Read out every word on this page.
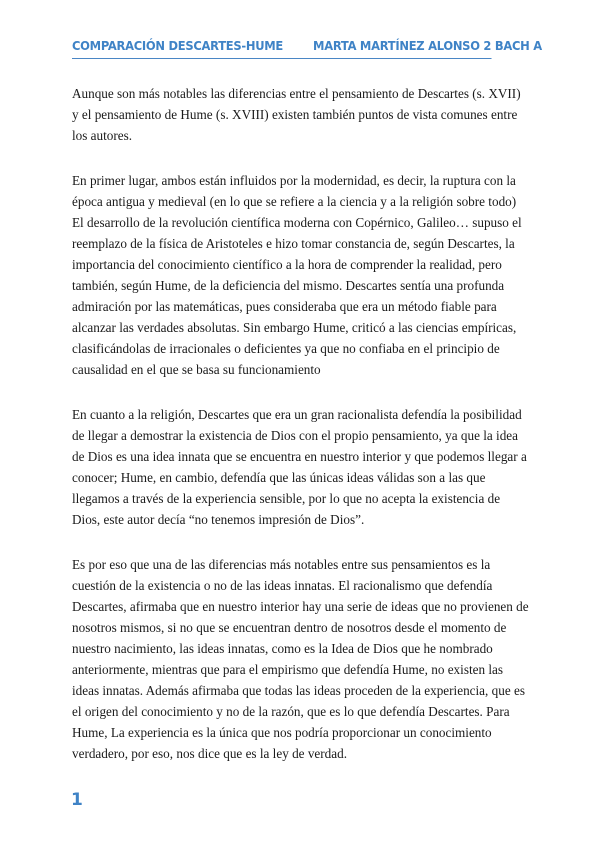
COMPARACIÓN DESCARTES-HUME MARTA MARTÍNEZ ALONSO 2 BACH A

Aunque son más notables las diferencias entre el pensamiento de Descartes (s. XVII) y el pensamiento de Hume (s. XVIII) existen también puntos de vista comunes entre los autores.

En primer lugar, ambos están influidos por la modernidad, es decir, la ruptura con la época antigua y medieval (en lo que se refiere a la ciencia y a la religión sobre todo) El desarrollo de la revolución científica moderna con Copérnico, Galileo… supuso el reemplazo de la física de Aristoteles e hizo tomar constancia de, según Descartes, la importancia del conocimiento científico a la hora de comprender la realidad, pero también, según Hume, de la deficiencia del mismo. Descartes sentía una profunda admiración por las matemáticas, pues consideraba que era un método fiable para alcanzar las verdades absolutas. Sin embargo Hume, criticó a las ciencias empíricas, clasificándolas de irracionales o deficientes ya que no confiaba en el principio de causalidad en el que se basa su funcionamiento

En cuanto a la religión, Descartes que era un gran racionalista defendía la posibilidad de llegar a demostrar la existencia de Dios con el propio pensamiento, ya que la idea de Dios es una idea innata que se encuentra en nuestro interior y que podemos llegar a conocer; Hume, en cambio, defendía que las únicas ideas válidas son a las que llegamos a través de la experiencia sensible, por lo que no acepta la existencia de Dios, este autor decía “no tenemos impresión de Dios”.

Es por eso que una de las diferencias más notables entre sus pensamientos es la cuestión de la existencia o no de las ideas innatas. El racionalismo que defendía Descartes, afirmaba que en nuestro interior hay una serie de ideas que no provienen de nosotros mismos, si no que se encuentran dentro de nosotros desde el momento de nuestro nacimiento, las ideas innatas, como es la Idea de Dios que he nombrado anteriormente, mientras que para el empirismo que defendía Hume, no existen las ideas innatas. Además afirmaba que todas las ideas proceden de la experiencia, que es el origen del conocimiento y no de la razón, que es lo que defendía Descartes. Para Hume, La experiencia es la única que nos podría proporcionar un conocimiento verdadero, por eso, nos dice que es la ley de verdad.

1
